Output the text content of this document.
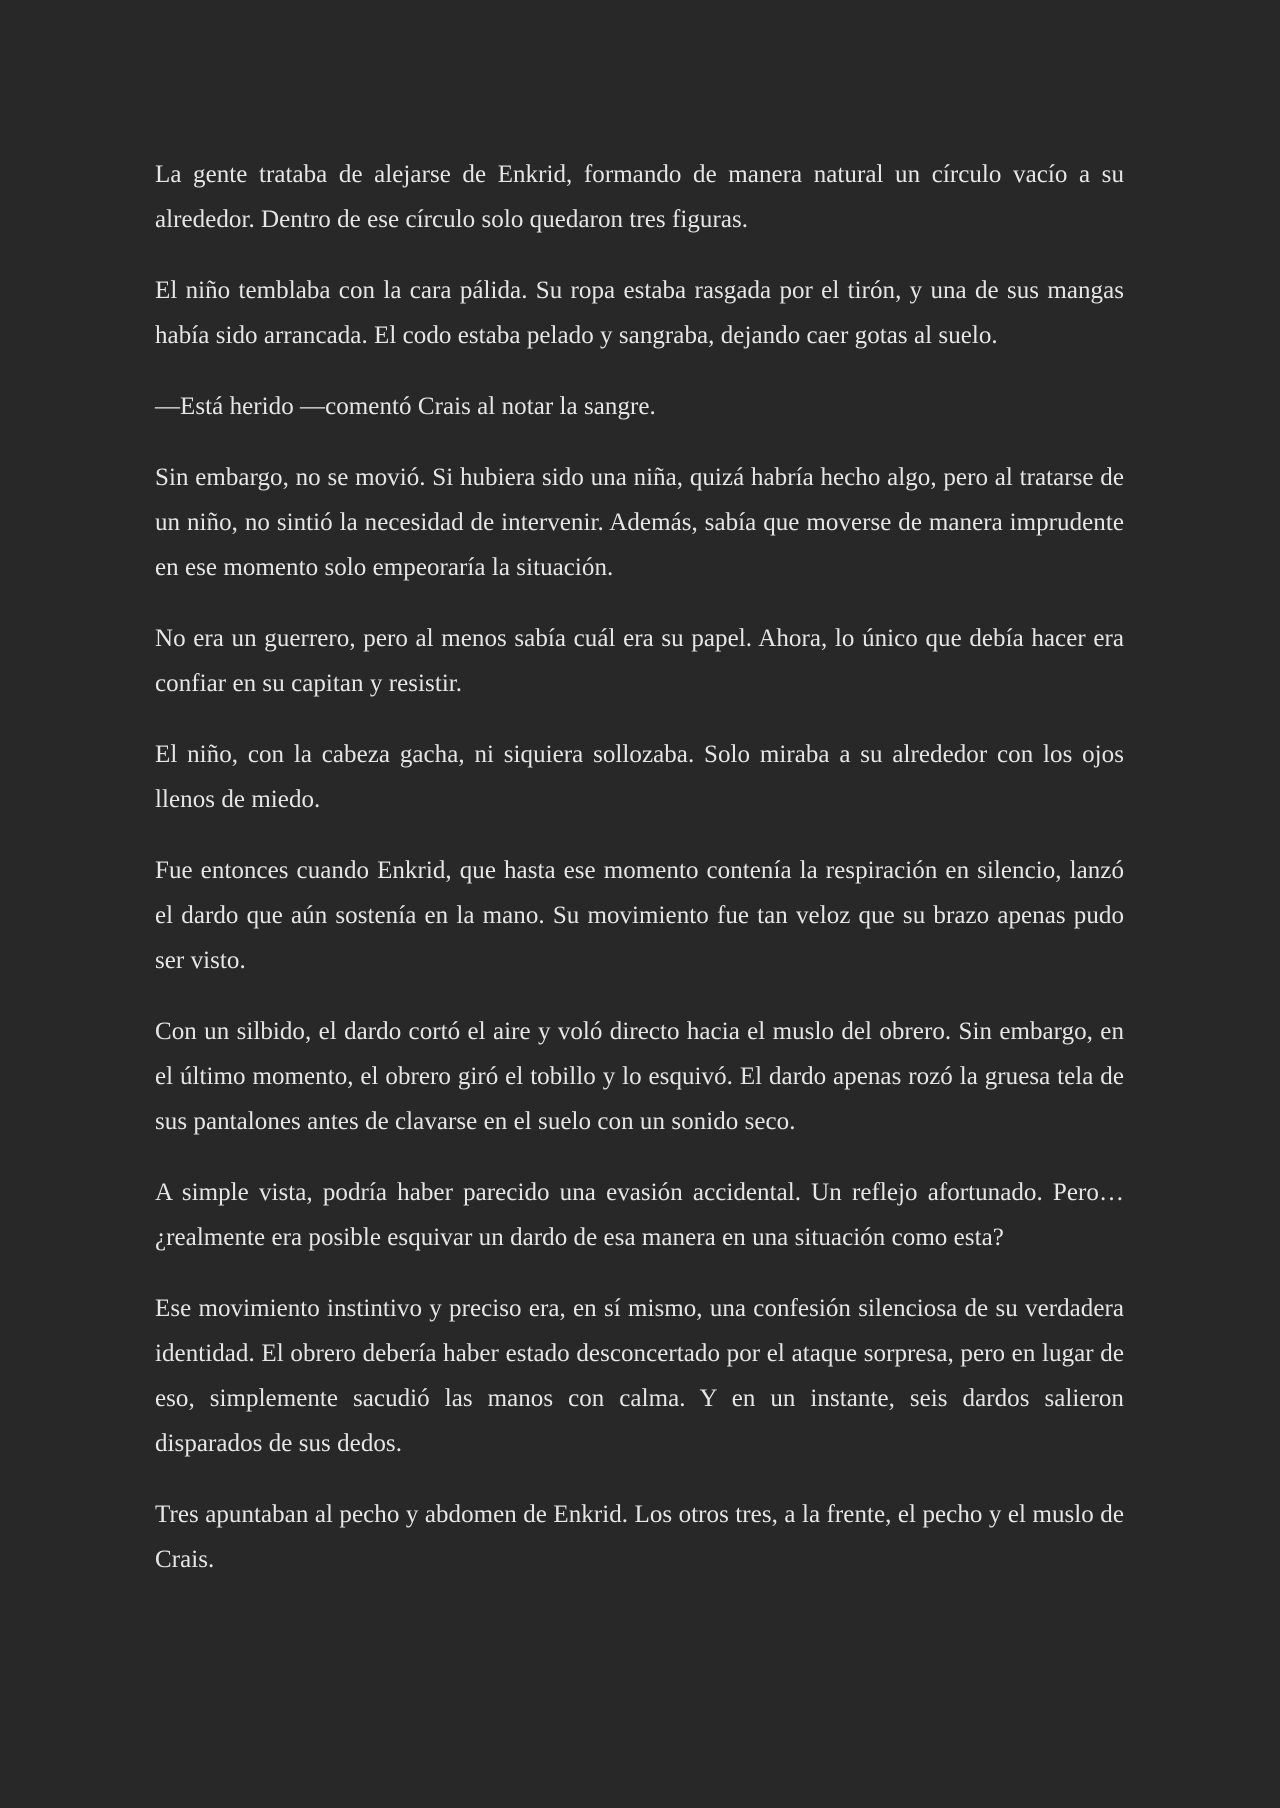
La gente trataba de alejarse de Enkrid, formando de manera natural un círculo vacío a su alrededor. Dentro de ese círculo solo quedaron tres figuras.

El niño temblaba con la cara pálida. Su ropa estaba rasgada por el tirón, y una de sus mangas había sido arrancada. El codo estaba pelado y sangraba, dejando caer gotas al suelo.

—Está herido —comentó Crais al notar la sangre.

Sin embargo, no se movió. Si hubiera sido una niña, quizá habría hecho algo, pero al tratarse de un niño, no sintió la necesidad de intervenir. Además, sabía que moverse de manera imprudente en ese momento solo empeoraría la situación.

No era un guerrero, pero al menos sabía cuál era su papel. Ahora, lo único que debía hacer era confiar en su capitan y resistir.

El niño, con la cabeza gacha, ni siquiera sollozaba. Solo miraba a su alrededor con los ojos llenos de miedo.

Fue entonces cuando Enkrid, que hasta ese momento contenía la respiración en silencio, lanzó el dardo que aún sostenía en la mano. Su movimiento fue tan veloz que su brazo apenas pudo ser visto.

Con un silbido, el dardo cortó el aire y voló directo hacia el muslo del obrero. Sin embargo, en el último momento, el obrero giró el tobillo y lo esquivó. El dardo apenas rozó la gruesa tela de sus pantalones antes de clavarse en el suelo con un sonido seco.

A simple vista, podría haber parecido una evasión accidental. Un reflejo afortunado. Pero… ¿realmente era posible esquivar un dardo de esa manera en una situación como esta?

Ese movimiento instintivo y preciso era, en sí mismo, una confesión silenciosa de su verdadera identidad. El obrero debería haber estado desconcertado por el ataque sorpresa, pero en lugar de eso, simplemente sacudió las manos con calma. Y en un instante, seis dardos salieron disparados de sus dedos.

Tres apuntaban al pecho y abdomen de Enkrid. Los otros tres, a la frente, el pecho y el muslo de Crais.
